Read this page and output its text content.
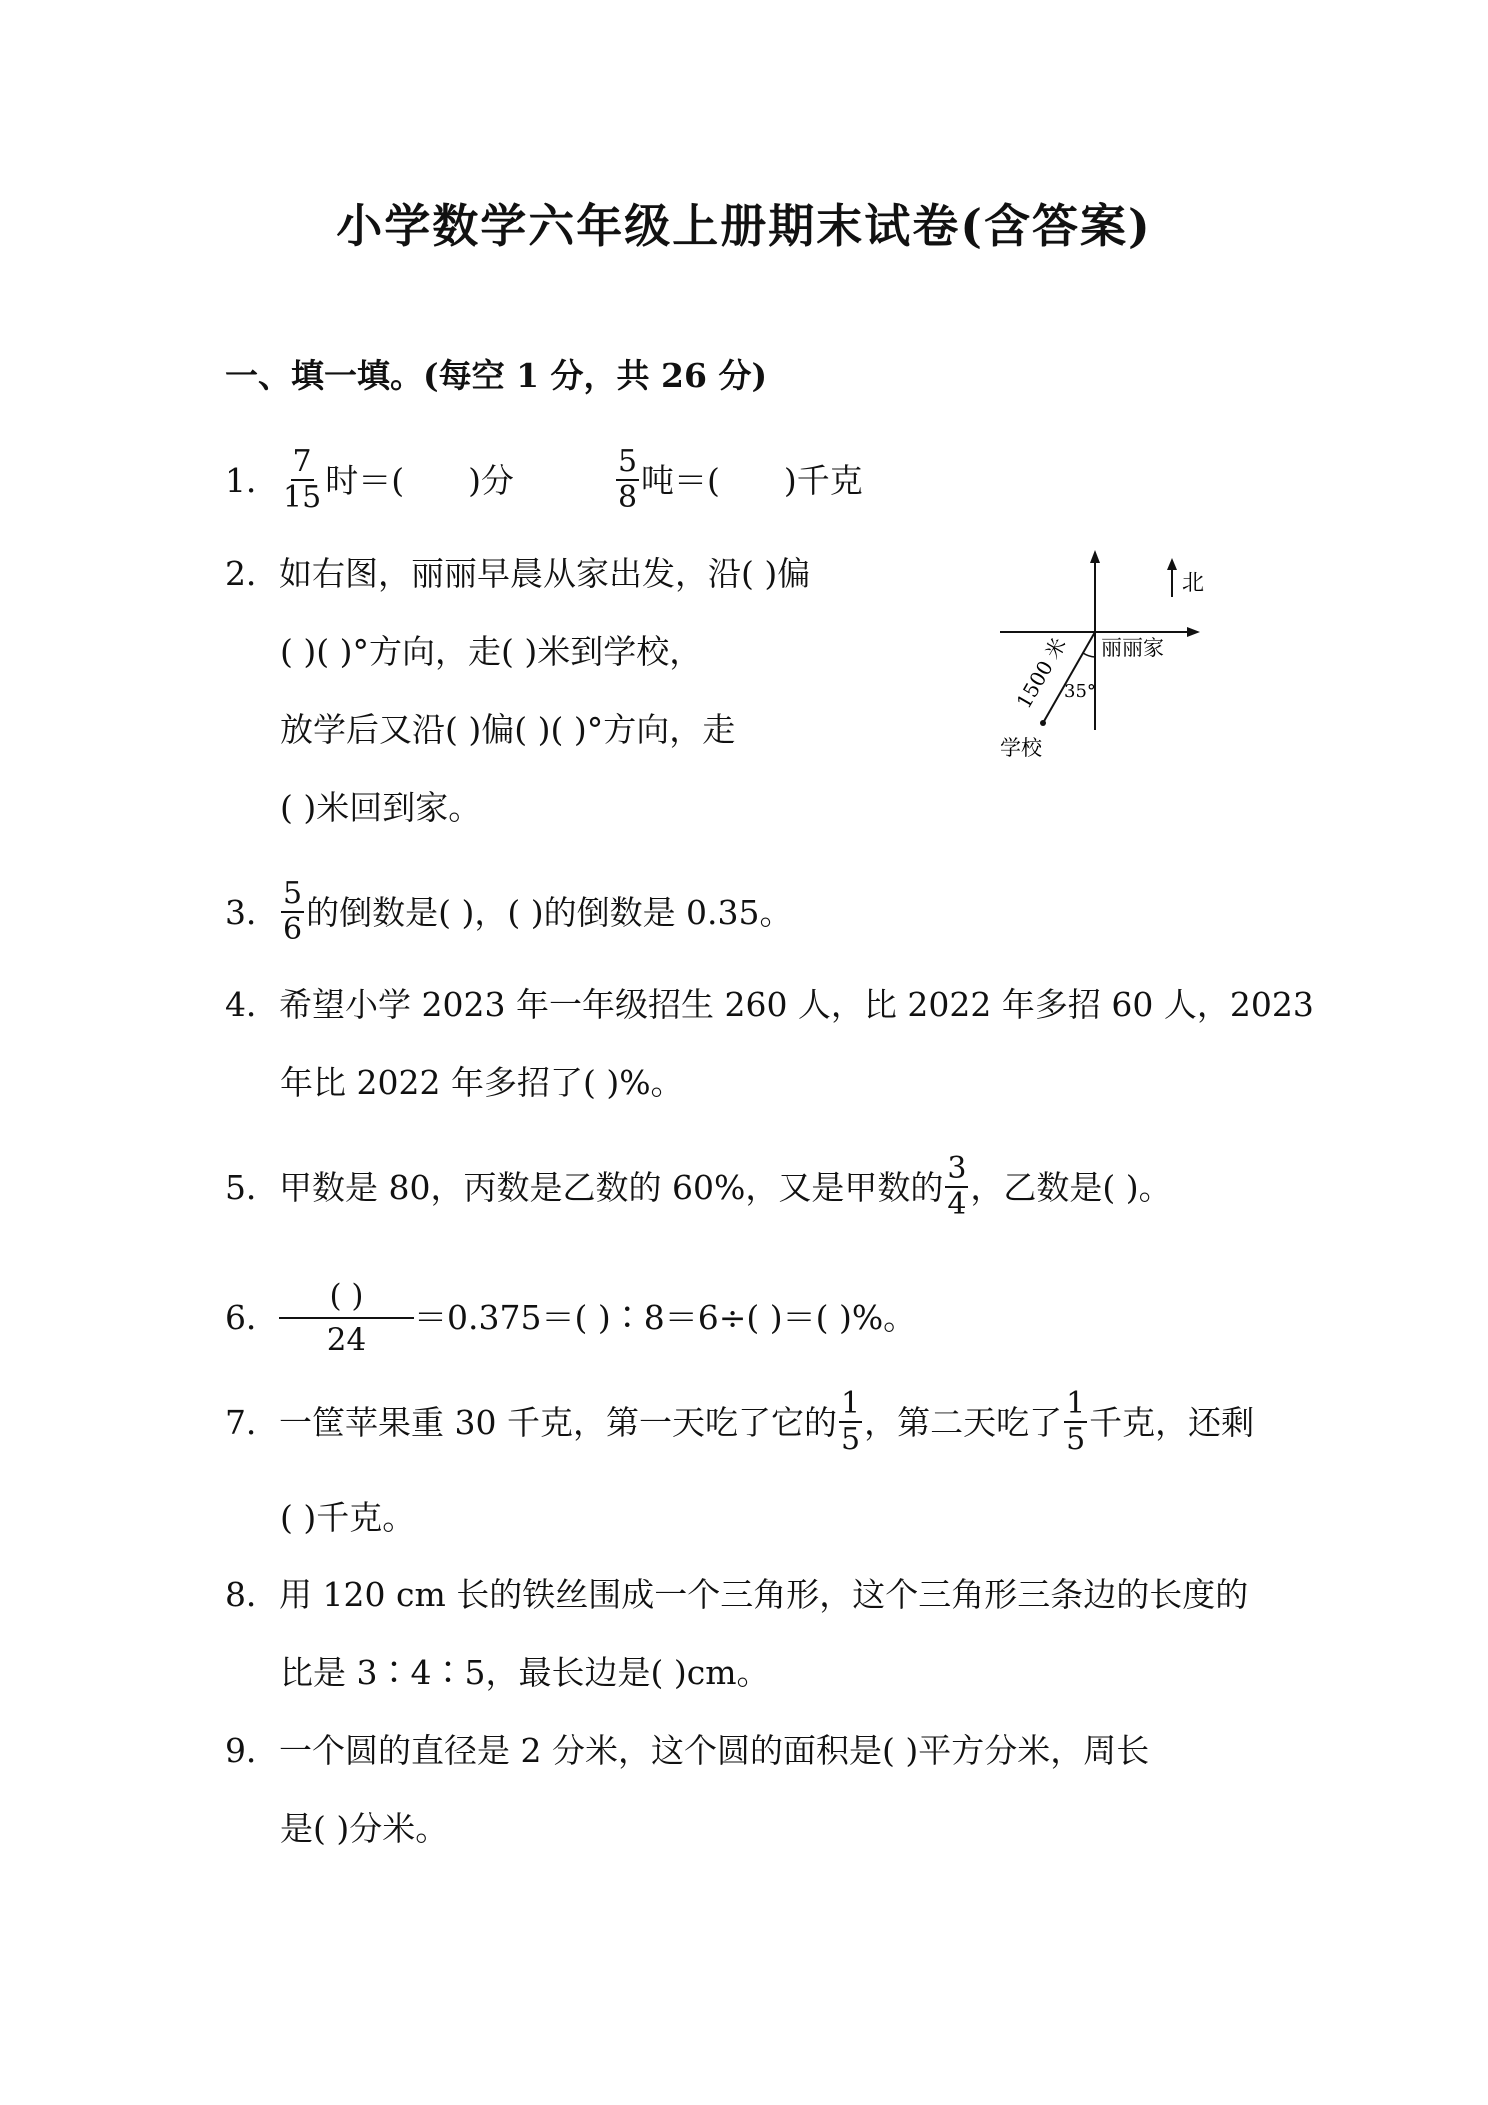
小学数学六年级上册期末试卷(含答案)
一、填一填。(每空 1 分，共 26 分)
1． $\frac{7}{15}$ 时＝( )分	$\frac{5}{8}$ 吨＝( )千克
2．如右图，丽丽早晨从家出发，沿( )偏
( )( )°方向，走( )米到学校，
放学后又沿( )偏( )( )°方向，走
( )米回到家。
北
35°
丽丽家
1500 米
学校
3． $\frac{5}{6}$ 的倒数是( )，( )的倒数是 0.35。
4．希望小学 2023 年一年级招生 260 人，比 2022 年多招 60 人，2023
年比 2022 年多招了( )%。
5．甲数是 80，丙数是乙数的 60%，又是甲数的 $\frac{3}{4}$ ，乙数是( )。
6．
( )
24
＝0.375＝( )∶8＝6÷( )＝( )%。
7．一筐苹果重 30 千克，第一天吃了它的 $\frac{1}{5}$ ，第二天吃了 $\frac{1}{5}$ 千克，还剩
( )千克。
8．用 120 cm 长的铁丝围成一个三角形，这个三角形三条边的长度的
比是 3∶4∶5，最长边是( )cm。
9．一个圆的直径是 2 分米，这个圆的面积是( )平方分米，周长
是( )分米。
